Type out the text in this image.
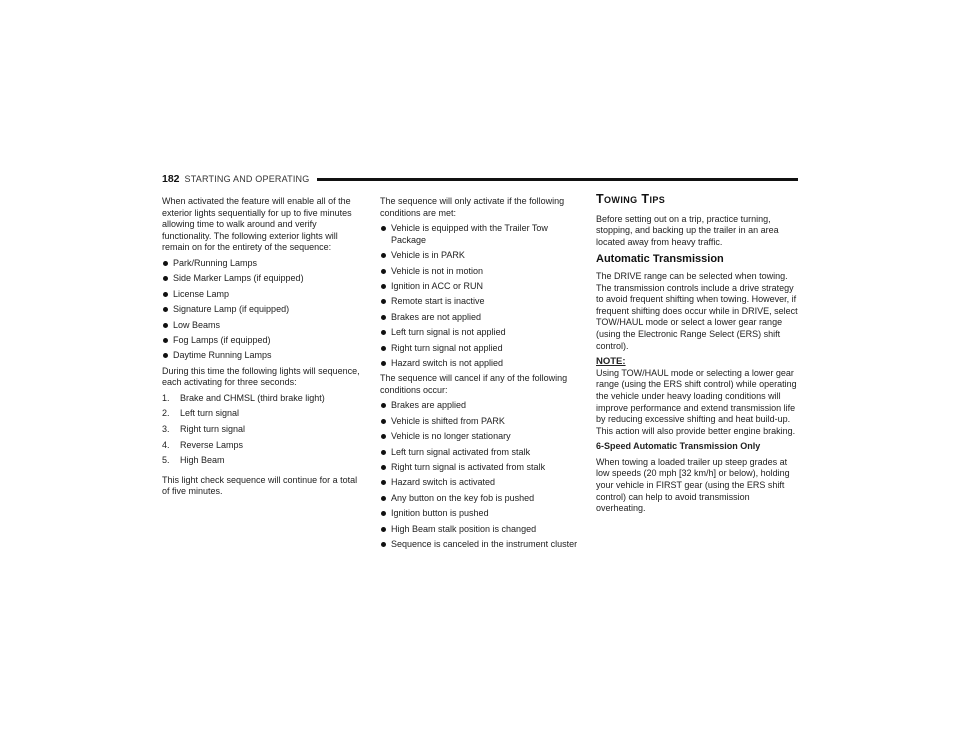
182 STARTING AND OPERATING

When activated the feature will enable all of the exterior lights sequentially for up to five minutes allowing time to walk around and verify functionality. The following exterior lights will remain on for the entirety of the sequence:

Park/Running Lamps
Side Marker Lamps (if equipped)
License Lamp
Signature Lamp (if equipped)
Low Beams
Fog Lamps (if equipped)
Daytime Running Lamps

During this time the following lights will sequence, each activating for three seconds:

1.	Brake and CHMSL (third brake light)
2.	Left turn signal
3.	Right turn signal
4.	Reverse Lamps
5.	High Beam

This light check sequence will continue for a total of five minutes.

The sequence will only activate if the following conditions are met:

Vehicle is equipped with the Trailer Tow Package
Vehicle is in PARK
Vehicle is not in motion
Ignition in ACC or RUN
Remote start is inactive
Brakes are not applied
Left turn signal is not applied
Right turn signal not applied
Hazard switch is not applied

The sequence will cancel if any of the following conditions occur:

Brakes are applied
Vehicle is shifted from PARK
Vehicle is no longer stationary
Left turn signal activated from stalk
Right turn signal is activated from stalk
Hazard switch is activated
Any button on the key fob is pushed
Ignition button is pushed
High Beam stalk position is changed
Sequence is canceled in the instrument cluster
Towing Tips

Before setting out on a trip, practice turning, stopping, and backing up the trailer in an area located away from heavy traffic.

Automatic Transmission

The DRIVE range can be selected when towing. The transmission controls include a drive strategy to avoid frequent shifting when towing. However, if frequent shifting does occur while in DRIVE, select TOW/HAUL mode or select a lower gear range (using the Electronic Range Select (ERS) shift control).

NOTE:

Using TOW/HAUL mode or selecting a lower gear range (using the ERS shift control) while operating the vehicle under heavy loading conditions will improve performance and extend transmission life by reducing excessive shifting and heat build-up. This action will also provide better engine braking.

6-Speed Automatic Transmission Only

When towing a loaded trailer up steep grades at low speeds (20 mph [32 km/h] or below), holding your vehicle in FIRST gear (using the ERS shift control) can help to avoid transmission overheating.
